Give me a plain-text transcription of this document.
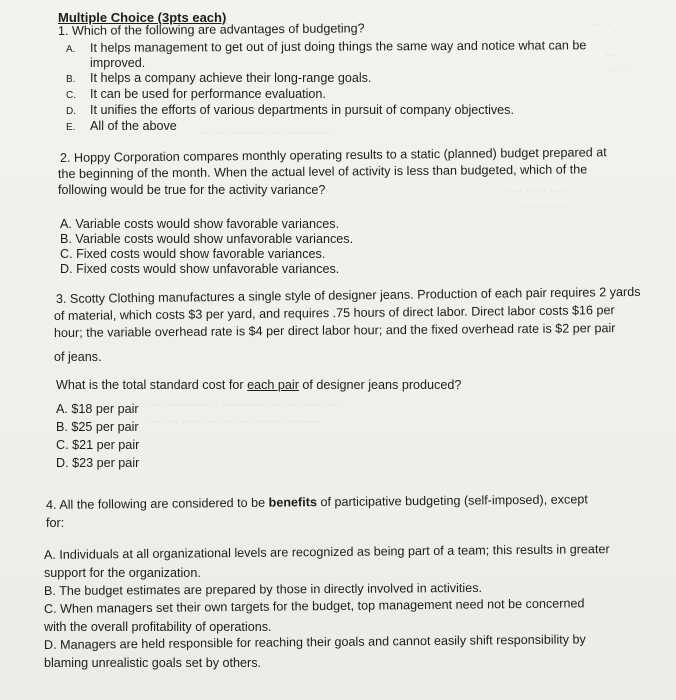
··· ··
··· ·
··· ·
·· ····· ·· ······· ···· ········ ···
······ ······ ·····
······ ······
···· ···· ······ ·· ······· ····· ···· ·· ······ ····
··· ···· ····· ····· ·· ····· ···· ·· ··········
Multiple Choice (3pts each)
1. Which of the following are advantages of budgeting?
A. It helps management to get out of just doing things the same way and notice what can be
improved.
B. It helps a company achieve their long-range goals.
C. It can be used for performance evaluation.
D. It unifies the efforts of various departments in pursuit of company objectives.
E. All of the above
2. Hoppy Corporation compares monthly operating results to a static (planned) budget prepared at
the beginning of the month. When the actual level of activity is less than budgeted, which of the
following would be true for the activity variance?
A. Variable costs would show favorable variances.
B. Variable costs would show unfavorable variances.
C. Fixed costs would show favorable variances.
D. Fixed costs would show unfavorable variances.
3. Scotty Clothing manufactures a single style of designer jeans. Production of each pair requires 2 yards
of material, which costs $3 per yard, and requires .75 hours of direct labor. Direct labor costs $16 per
hour; the variable overhead rate is $4 per direct labor hour; and the fixed overhead rate is $2 per pair
of jeans.
What is the total standard cost for each pair of designer jeans produced?
A. $18 per pair
B. $25 per pair
C. $21 per pair
D. $23 per pair
4. All the following are considered to be benefits of participative budgeting (self-imposed), except
for:
A. Individuals at all organizational levels are recognized as being part of a team; this results in greater
support for the organization.
B. The budget estimates are prepared by those in directly involved in activities.
C. When managers set their own targets for the budget, top management need not be concerned
with the overall profitability of operations.
D. Managers are held responsible for reaching their goals and cannot easily shift responsibility by
blaming unrealistic goals set by others.
